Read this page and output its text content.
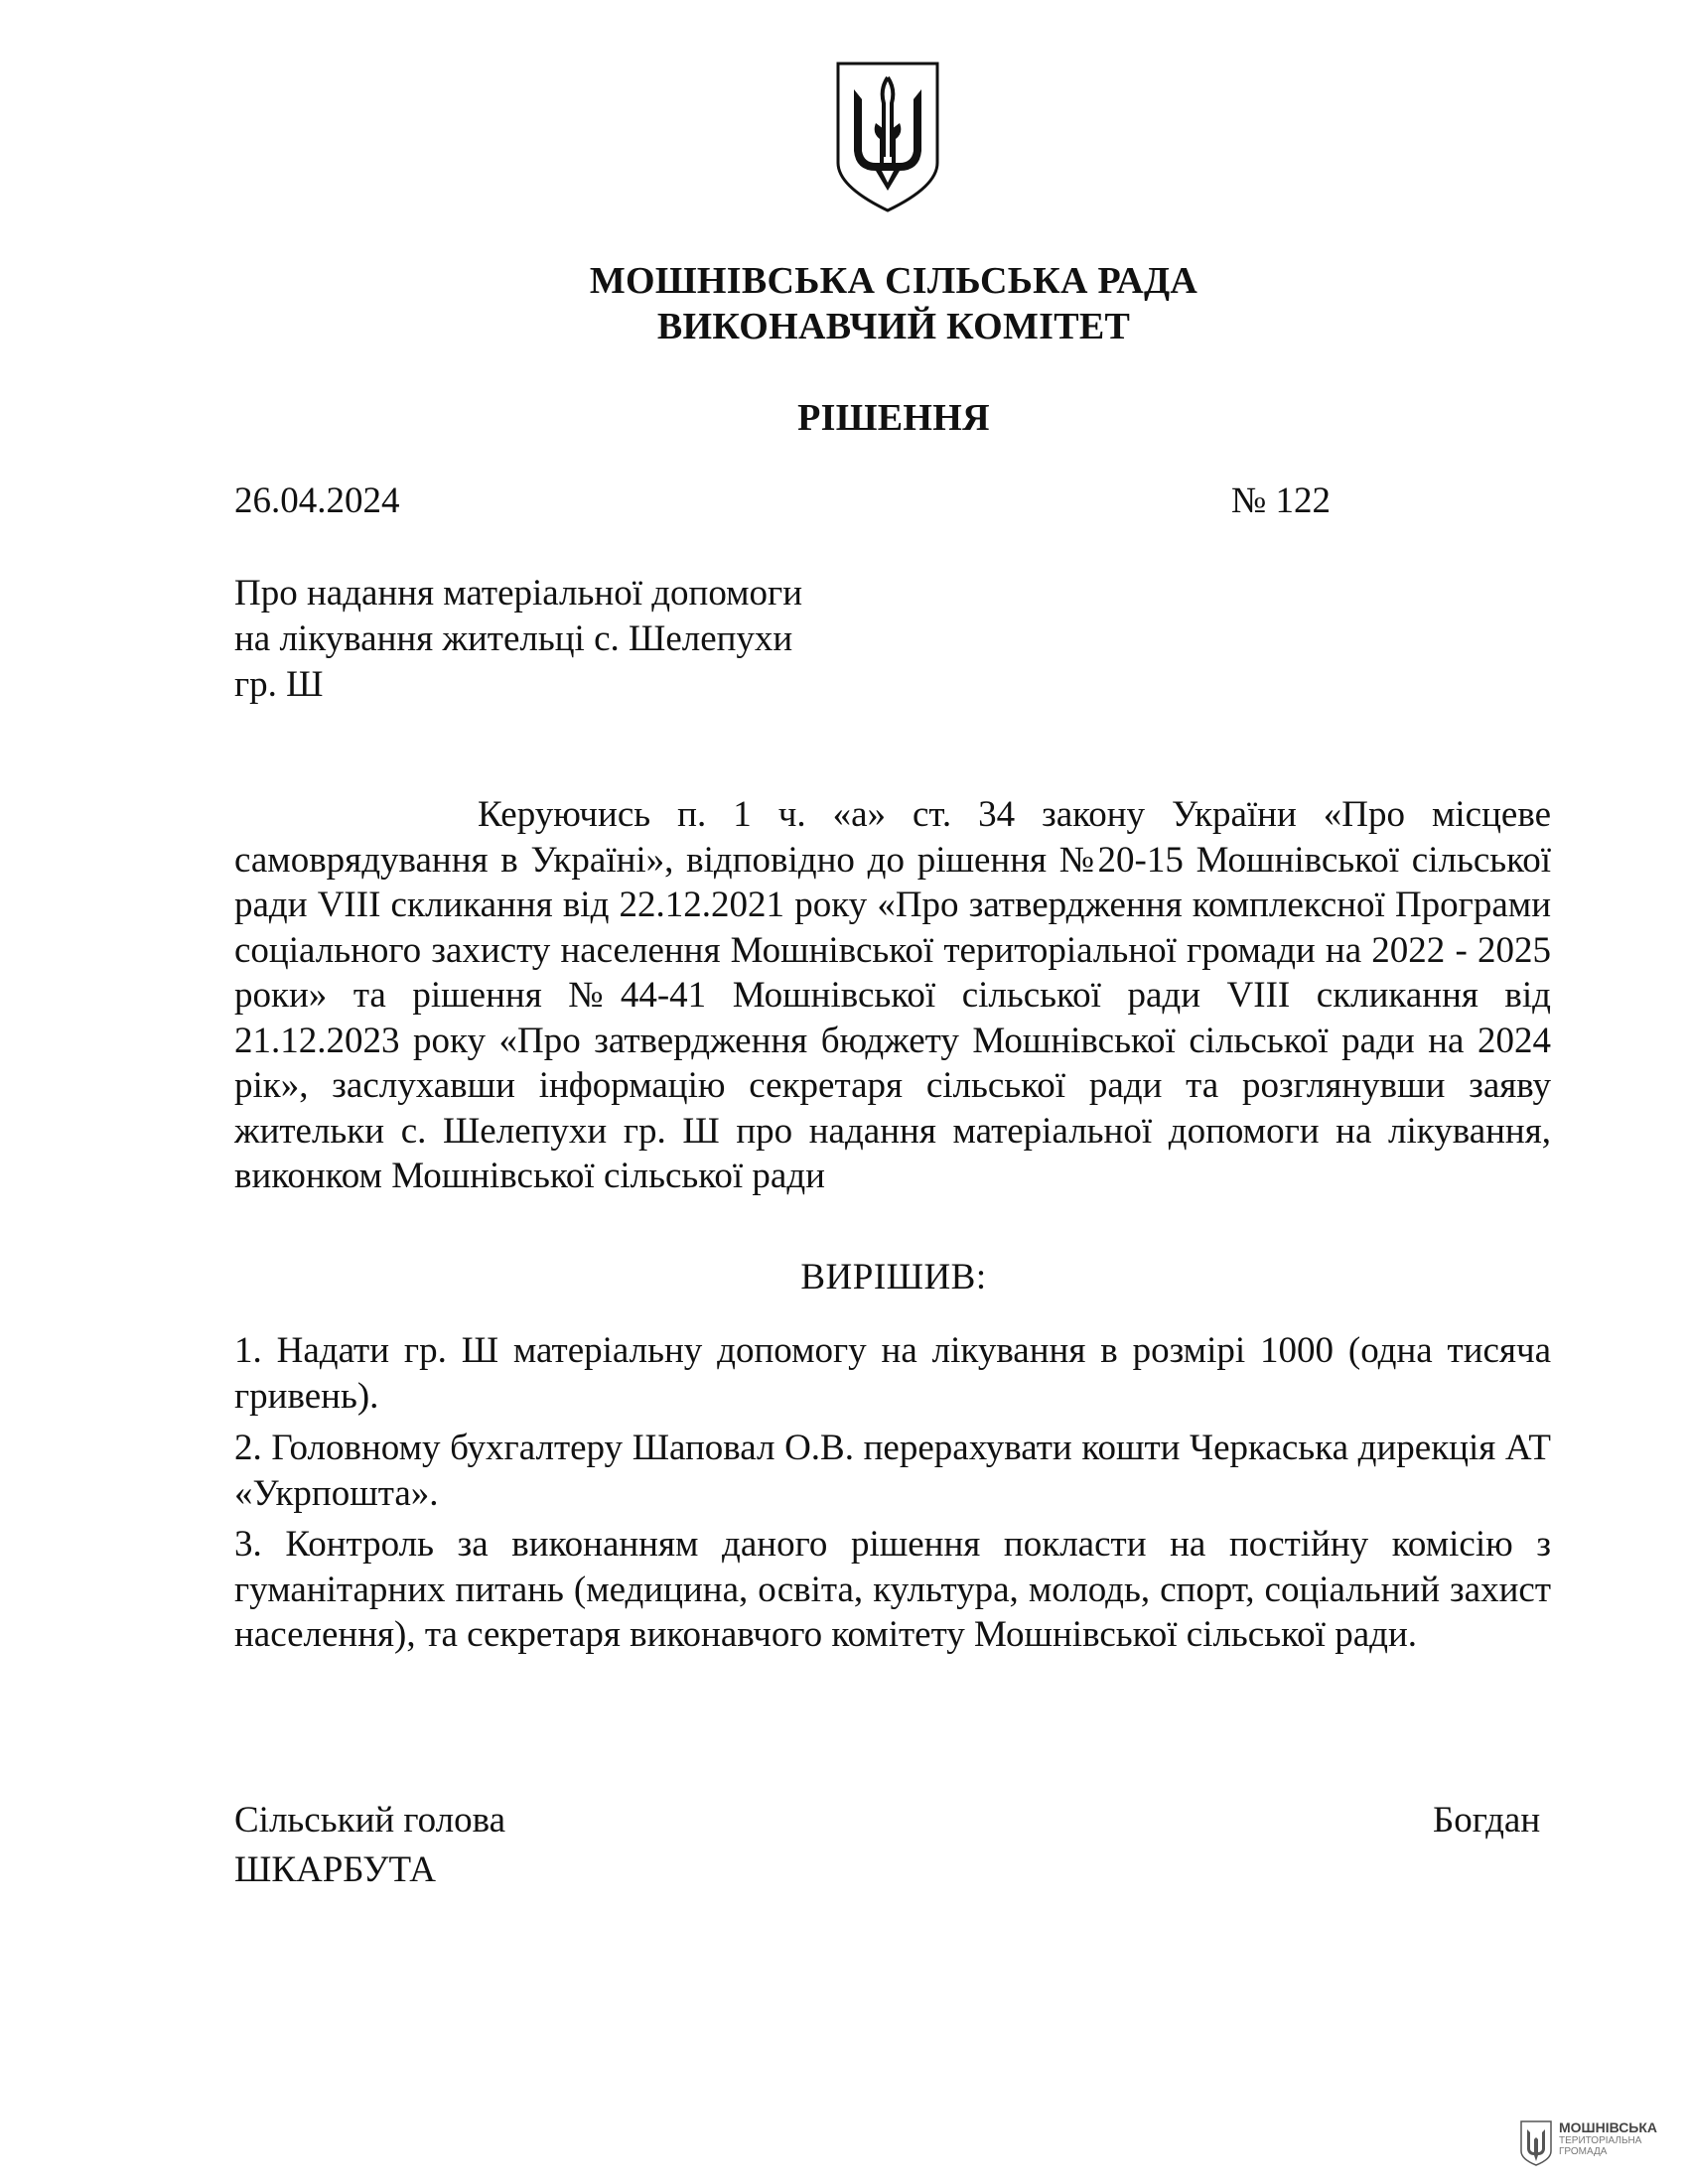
МОШНІВСЬКА СІЛЬСЬКА РАДА
ВИКОНАВЧИЙ КОМІТЕТ
РІШЕННЯ
26.04.2024	№ 122
Про надання матеріальної допомоги
на лікування жительці с. Шелепухи
гр. Ш
Керуючись п. 1 ч. «а» ст. 34 закону України «Про місцеве самоврядування в Україні», відповідно до рішення №20-15 Мошнівської сільської ради VIII скликання від 22.12.2021 року «Про затвердження комплексної Програми соціального захисту населення Мошнівської територіальної громади на 2022 - 2025 роки» та рішення №44-41 Мошнівської сільської ради VIII скликання від 21.12.2023 року «Про затвердження бюджету Мошнівської сільської ради на 2024 рік», заслухавши інформацію секретаря сільської ради та розглянувши заяву жительки с. Шелепухи гр. Ш про надання матеріальної допомоги на лікування, виконком Мошнівської сільської ради
ВИРІШИВ:
1. Надати гр. Ш матеріальну допомогу на лікування в розмірі 1000 (одна тисяча гривень).
2. Головному бухгалтеру Шаповал О.В. перерахувати кошти Черкаська дирекція АТ «Укрпошта».
3. Контроль за виконанням даного рішення покласти на постійну комісію з гуманітарних питань (медицина, освіта, культура, молодь, спорт, соціальний захист населення), та секретаря виконавчого комітету Мошнівської сільської ради.
Сільський голова	Богдан
ШКАРБУТА
МОШНІВСЬКА
ТЕРИТОРІАЛЬНА
ГРОМАДА
